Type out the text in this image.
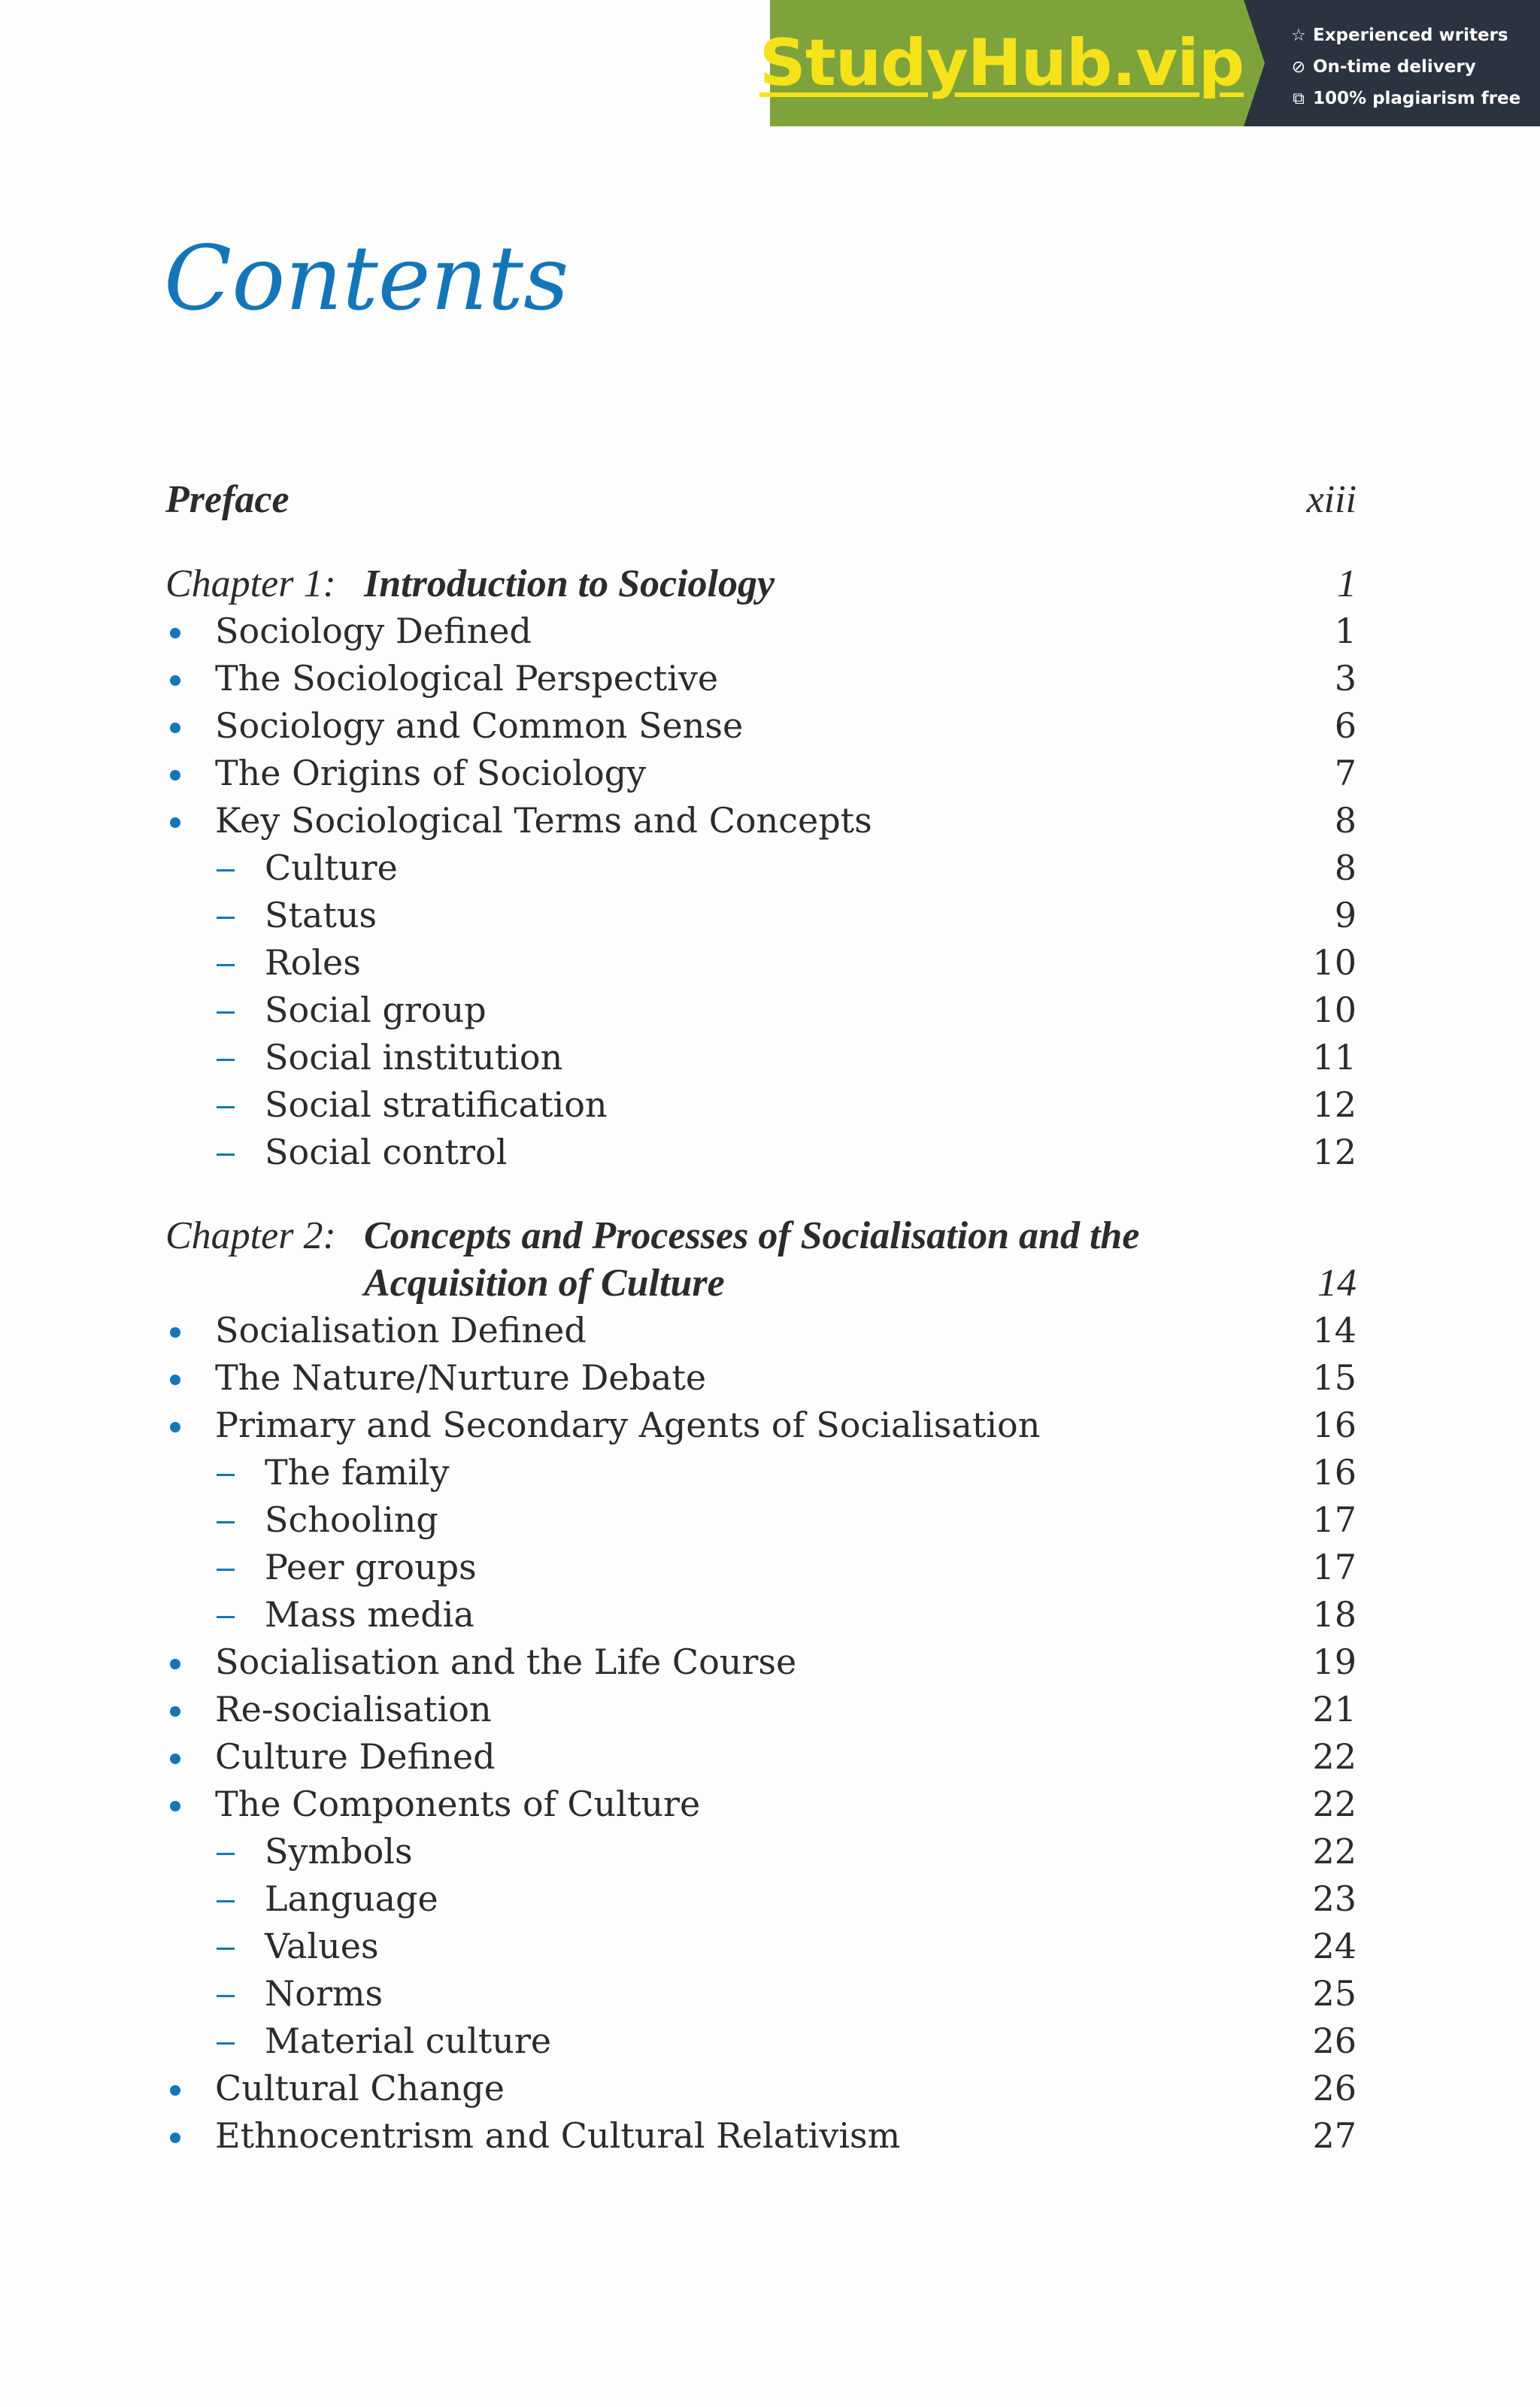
StudyHub.vip	☆ Experienced writers
⊘ On-time delivery
⧉ 100% plagiarism free
Contents
Preface	xiii
Chapter 1: Introduction to Sociology	1
Sociology Defined	1
The Sociological Perspective	3
Sociology and Common Sense	6
The Origins of Sociology	7
Key Sociological Terms and Concepts	8
Culture	8
Status	9
Roles	10
Social group	10
Social institution	11
Social stratification	12
Social control	12
Chapter 2: Concepts and Processes of Socialisation and the
Acquisition of Culture	14
Socialisation Defined	14
The Nature/Nurture Debate	15
Primary and Secondary Agents of Socialisation	16
The family	16
Schooling	17
Peer groups	17
Mass media	18
Socialisation and the Life Course	19
Re-socialisation	21
Culture Defined	22
The Components of Culture	22
Symbols	22
Language	23
Values	24
Norms	25
Material culture	26
Cultural Change	26
Ethnocentrism and Cultural Relativism	27
